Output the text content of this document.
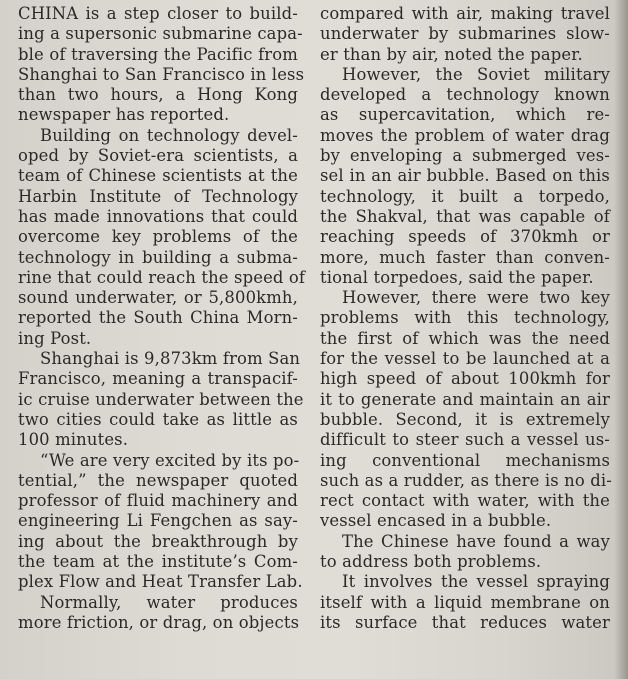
CHINA is a step closer to build-
ing a supersonic submarine capa-
ble of traversing the Pacific from
Shanghai to San Francisco in less
than two hours, a Hong Kong
newspaper has reported.
Building on technology devel-
oped by Soviet-era scientists, a
team of Chinese scientists at the
Harbin Institute of Technology
has made innovations that could
overcome key problems of the
technology in building a subma-
rine that could reach the speed of
sound underwater, or 5,800kmh,
reported the South China Morn-
ing Post.
Shanghai is 9,873km from San
Francisco, meaning a transpacif-
ic cruise underwater between the
two cities could take as little as
100 minutes.
“We are very excited by its po-
tential,” the newspaper quoted
professor of fluid machinery and
engineering Li Fengchen as say-
ing about the breakthrough by
the team at the institute’s Com-
plex Flow and Heat Transfer Lab.
Normally, water produces
more friction, or drag, on objects
compared with air, making travel
underwater by submarines slow-
er than by air, noted the paper.
However, the Soviet military
developed a technology known
as supercavitation, which re-
moves the problem of water drag
by enveloping a submerged ves-
sel in an air bubble. Based on this
technology, it built a torpedo,
the Shakval, that was capable of
reaching speeds of 370kmh or
more, much faster than conven-
tional torpedoes, said the paper.
However, there were two key
problems with this technology,
the first of which was the need
for the vessel to be launched at a
high speed of about 100kmh for
it to generate and maintain an air
bubble. Second, it is extremely
difficult to steer such a vessel us-
ing conventional mechanisms
such as a rudder, as there is no di-
rect contact with water, with the
vessel encased in a bubble.
The Chinese have found a way
to address both problems.
It involves the vessel spraying
itself with a liquid membrane on
its surface that reduces water
